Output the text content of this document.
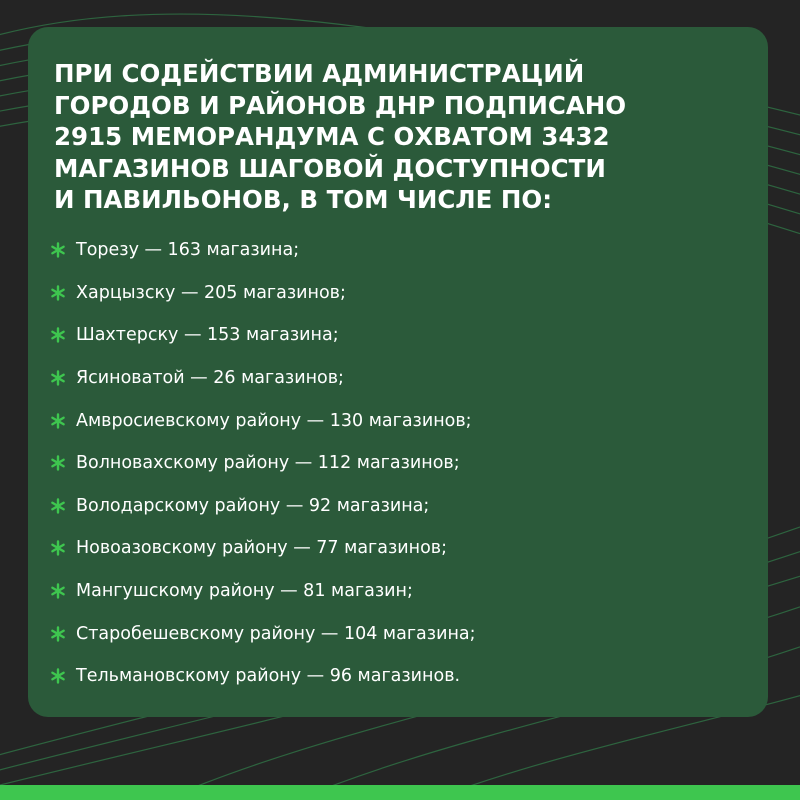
ПРИ СОДЕЙСТВИИ АДМИНИСТРАЦИЙ
ГОРОДОВ И РАЙОНОВ ДНР ПОДПИСАНО
2915 МЕМОРАНДУМА С ОХВАТОМ 3432
МАГАЗИНОВ ШАГОВОЙ ДОСТУПНОСТИ
И ПАВИЛЬОНОВ, В ТОМ ЧИСЛЕ ПО:
Торезу — 163 магазина;
Харцызску — 205 магазинов;
Шахтерску — 153 магазина;
Ясиноватой — 26 магазинов;
Амвросиевскому району — 130 магазинов;
Волновахскому району — 112 магазинов;
Володарскому району — 92 магазина;
Новоазовскому району — 77 магазинов;
Мангушскому району — 81 магазин;
Старобешевскому району — 104 магазина;
Тельмановскому району — 96 магазинов.
